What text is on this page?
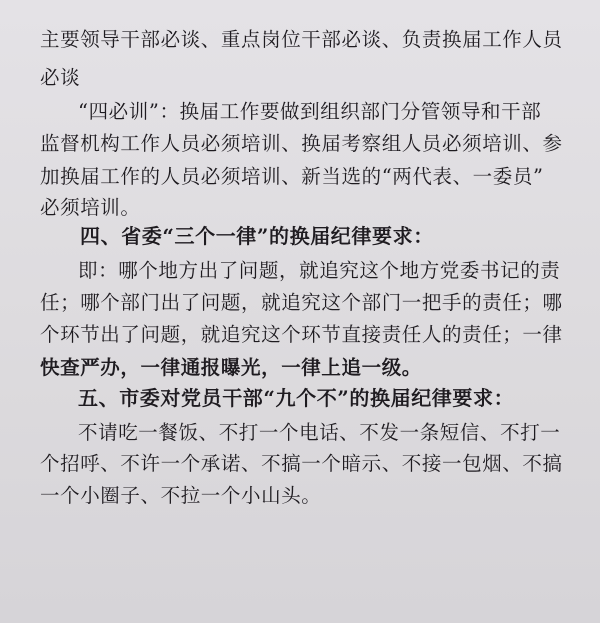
主要领导干部必谈、重点岗位干部必谈、负责换届工作人员
必谈
“四必训”：换届工作要做到组织部门分管领导和干部
监督机构工作人员必须培训、换届考察组人员必须培训、参
加换届工作的人员必须培训、新当选的“两代表、一委员”
必须培训。
四、省委“三个一律”的换届纪律要求：
即：哪个地方出了问题，就追究这个地方党委书记的责
任；哪个部门出了问题，就追究这个部门一把手的责任；哪
个环节出了问题，就追究这个环节直接责任人的责任；一律
快查严办，一律通报曝光，一律上追一级。
五、市委对党员干部“九个不”的换届纪律要求：
不请吃一餐饭、不打一个电话、不发一条短信、不打一
个招呼、不许一个承诺、不搞一个暗示、不接一包烟、不搞
一个小圈子、不拉一个小山头。
